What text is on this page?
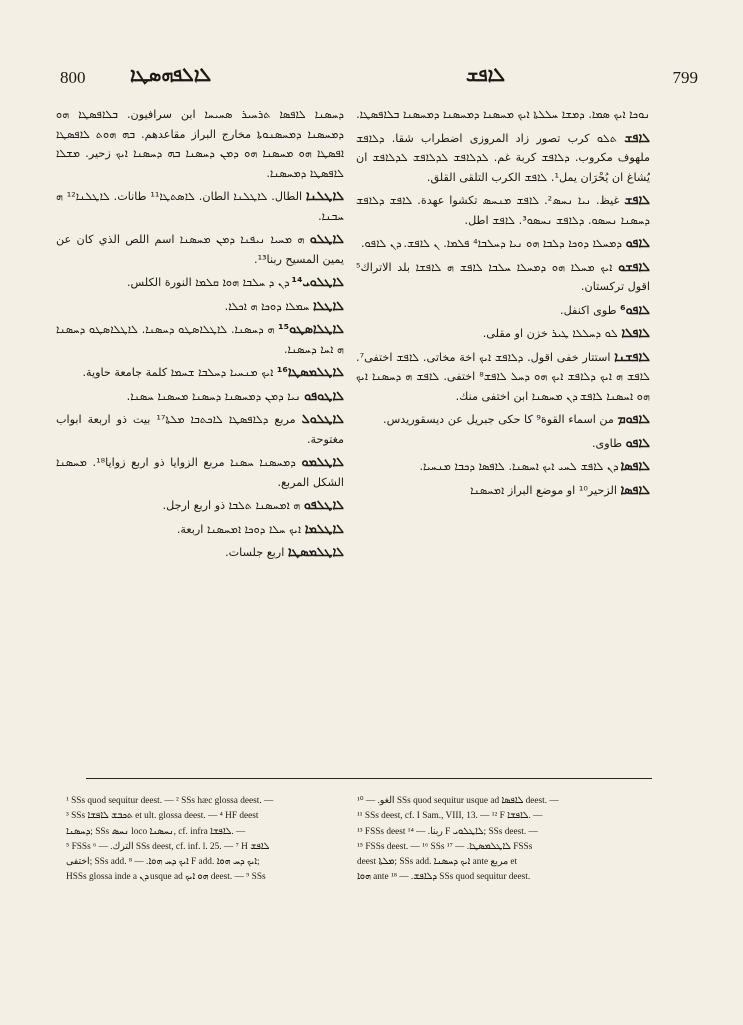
800 ܠܐܠܦܗܣܛܐ	ܠܐܦܫ	799

ܢܘܟܐ ܐܝܟ ܣܡܐ. ܕܡܫܐ ܚܠܠܬܐ ܐܝܟ ܡܚܣܢܐ ܕܡܚܣܢܐ ܕܡܚܣܢܐ ܒܠܐܦܣܛܐ.

ܠܐܦܫ ܬܠܘ كرب تصور زاد المروزی اضطراب شقا. ܕܠܐܦܫ ملهوف مكروب. ܕܠܐܦܫ كربة غم. ܠܕܠܐܦܫ ܠܕܠܐܦܫ ܠܕܠܐܦܫ ان يُشاغ ان يُحْرَان يمل¹. ܠܐܦܫ الكرب التلقى القلق.

ܠܐܦܫ غيظ. ܢܝܐ ܢܚܣ². ܠܐܦܫ ܡܢܚܣ تكشوا عهدة. ܠܐܦܫ ܕܠܐܦܫ ܕܚܣܢܐ ܢܚܣܘ. ܕܠܐܦܫ ܢܚܣܘ³. ܠܐܦܫ اطل.

ܠܐܦܘ ܕܡܚܠܐ ܕܘܟܐ ܕܠܒܐ ܗܘ ܢܝܐ ܕܚܠܒܐ⁴ ܦܠܡܐ. ܢ ܠܐܦܫ. ܕܢ ܠܐܦܘ.

ܠܐܦܫܘ ܐܝܟ ܡܚܠܐ ܗܘ ܕܡܚܠܐ ܚܠܒܐ ܠܐܦܫ ܗ ܠܐܦܫܐ بلد الاتراك⁵ اقول تركستان.

ܠܐܦܘ⁶ طوى اكنفل.

ܠܐܦܠܐ ܠܘ ܕܚܠܠܐ ܛܝܪ خزن او مقلى.

ܠܐܦܫܢܐ استتار خفى اقول. ܕܠܐܦܫ ܐܝܟ اخة مخاتى. ܠܐܦܫ اختفى⁷. ܠܐܦܫ ܗ ܐܝܟ ܕܠܐܦܫ ܐܝܟ ܗܘ ܕܚܠ ܠܐܦܫ⁸ اختفى. ܠܐܦܫ ܗ ܕܚܣܢܐ ܐܝܟ ܗܘ ܐܚܣܢܐ ܠܐܦܫ ܕܢ ܡܚܣܢܐ ابن اختفى منك.

ܠܐܦܘܡ من اسماء القوة⁹ كا حكى جبريل عن ديسقوريدس.

ܠܐܦܘ طاوی.

ܠܐܦܣܐ ܕܢ ܠܐܦܫ ܠܚܝ ܐܝܟ ܐܚܣܢܐ. ܠܐܦܣܐ ܕܟܒܐ ܡܢܚܝܐ.

ܠܐܦܣܐ الزحير¹⁰ او موضع البراز ܐܡܚܣܢܐ

ܕܚܣܢܐ ܠܐܦܣܐ ܬܪܚܝܪ ܣܚܝܚܐ ابن سرافيون. ܒܠܐܦܣܛܐ ܗܘ ܕܡܚܣܢܐ ܕܡܚܣܢܘܬܐ مخارج البراز مقاعدهم. ܒܗ ܗܘܬ ܠܐܦܣܛܐ ܐܦܣܛܐ ܗܘ ܡܚܣܢܐ ܗܘ ܕܡܢ ܕܚܣܢܐ ܒܗ ܕܚܣܢܐ ܐܝܟ زحير. ܡܫܠܐ ܠܐܦܣܛܐ ܕܡܚܣܢܐ.

ܠܐܛܠܢܐ الطال. ܠܐܛܠܢܐ الطان. ܠܐܣܬܛܐ¹¹ طانات. ܠܐܛܠܢܐ¹² ܗ ܚܒܢܐ.

ܠܐܛܠܘ ܗ ܡܚܝܐ ܢܝܦܢܐ ܕܡܢ ܡܚܣܢܐ اسم اللص الذي كان عن يمين المسيح ربنا¹³.

ܠܐܛܠܘܝ¹⁴ ܕܢ ܕ ܚܠܒܐ ܗܘܐ ܩܠܡܐ النورة الكلس.

ܠܐܛܠܐ ܚܡܠܐ ܕܘܟܐ ܗ ܐܟܠܐ.

ܠܐܛܠܐܣܛܘ¹⁵ ܗ ܕܚܣܢܐ. ܠܐܛܠܐܣܛܘ ܕܚܣܢܐ. ܠܐܛܠܐܣܛܘ ܕܚܣܢܐ ܗ ܐܚܐ ܕܚܣܢܐ.

ܠܐܛܠܡܣܛܐ¹⁶ ܐܝܟ ܡܢܚܝܐ ܕܚܠܒܐ ܫܚܡܐ كلمة جامعة حاوية.

ܠܐܛܘܦܘ ܢܝܐ ܕܡܢ ܕܡܚܣܢܐ ܕܚܣܢܐ ܡܚܣܢܐ ܚܣܢܐ.

ܠܐܛܠܘܠ مربع ܕܠܐܦܣܛܐ ܠܐܟܬܒܐ ܡܠܬܐ¹⁷ بيت ذو اربعة ابواب مغتوحة.

ܠܐܛܠܡܘ ܕܡܚܣܢܐ ܚܣܢܐ مربع الزوايا ذو اربع زوايا¹⁸. ܡܚܣܢܐ الشكل المربع.

ܠܐܛܠܦܘ ܗ ܐܡܚܣܢܐ ܬܠܒܐ ذو اربع ارجل.

ܠܐܛܠܡܐ ܐܝܟ ܚܠܐ ܕܘܟܐ ܐܡܚܣܢܐ اربعة.

ܠܐܛܠܡܣܛܐ اربع جلسات.

¹ SSs quod sequitur deest. — ² SSs hæc glossa deest. —

³ SSs ܬܟܒܫ ܠܐܦܫܐ et ult. glossa deest. — ⁴ HF deest

ܕܚܣܢܐ; SSs ܢܚܣ loco ܢܚܣܢܐ, cf. infra ܠܐܦܫܐ. —

⁵ FSSs الترك. — ⁶ SSs deest, cf. inf. l. 25. — ⁷ H ܠܐܦܫ

اختفى; SSs add. ܐܝܟ ܕܚ ܗܘܐ. — ⁸ F add. ܐܝܟ ܕܚ ܗܘܐ;

HSSs glossa inde a ܕܢ usque ad ܗܘ ܐܝܟ deest. — ⁹ SSs

الغو. — ¹⁰ SSs quod sequitur usque ad ܠܐܦܣܐ deest. —

¹¹ SSs deest, cf. I Sam., VIII, 13. — ¹² F ܠܐܦܫܐ. —

¹³ FSSs deest ربنا. — ¹⁴ F ܠܐܛܠܘܝ; SSs deest. —

¹⁵ FSSs deest. — ¹⁶ SSs ܠܐܛܠܡܣܛܐ. — ¹⁷ FSSs

deest ܡܠܬܐ; SSs add. ܐܝܟ ܕܚܣܢܐ ante مربع et

ܗܘܐ ante ܕܠܐܦܫ. — ¹⁸ SSs quod sequitur deest.
